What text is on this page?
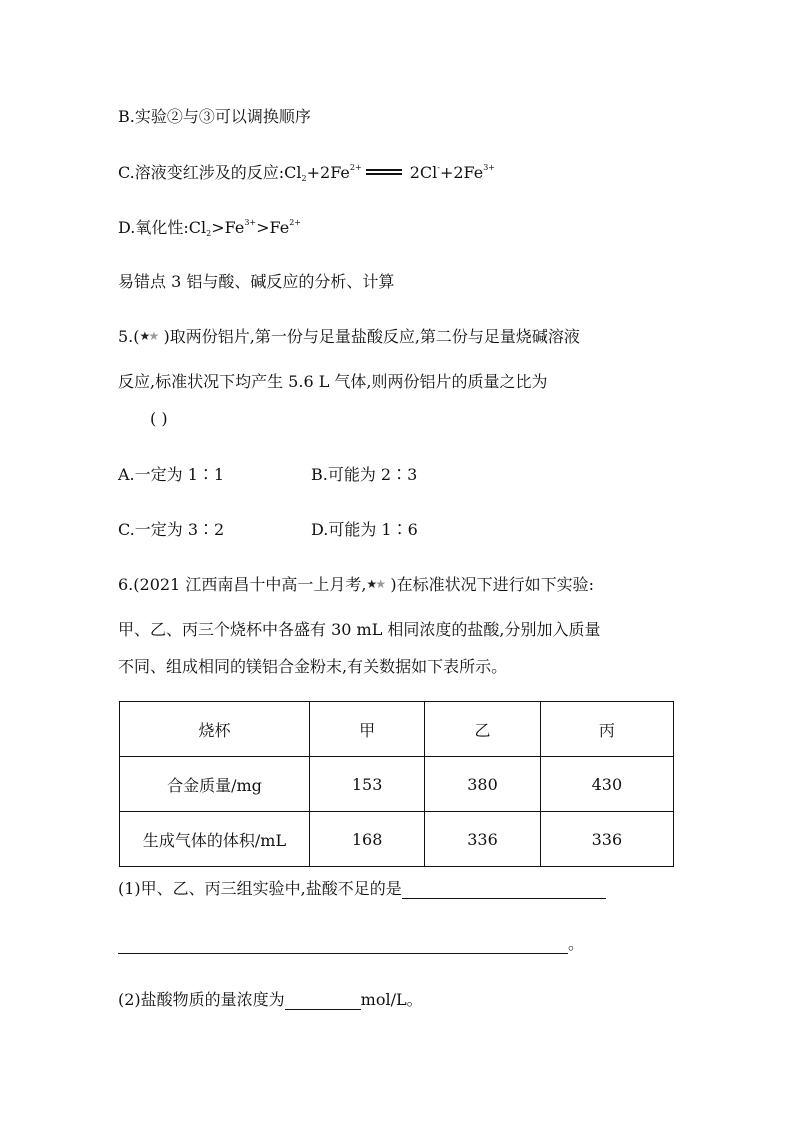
B.实验②与③可以调换顺序
C.溶液变红涉及的反应$:Cl_2+2Fe^{2+}$	$2Cl^-+2Fe^{3+}$
D.氧化性$:Cl_2>Fe^{3+}>Fe^{2+}$
易错点 3 铝与酸、碱反应的分析、计算
5.( ★
★ )取两份铝片,第一份与足量盐酸反应,第二份与足量烧碱溶液
反应,标准状况下均产生 5.6 L 气体,则两份铝片的质量之比为
( )
A.一定为 1∶1	B.可能为 2∶3
C.一定为 3∶2	D.可能为 1∶6
6.(2021 江西南昌十中高一上月考, ★
★ )在标准状况下进行如下实验:
甲、乙、丙三个烧杯中各盛有 30 mL 相同浓度的盐酸,分别加入质量
不同、组成相同的镁铝合金粉末,有关数据如下表所示。
烧杯	甲	乙	丙
合金质量/mg	153	380	430
生成气体的体积/mL	168	336	336
(1)甲、乙、丙三组实验中,盐酸不足的是
。
(2)盐酸物质的量浓度为	mol/L。
